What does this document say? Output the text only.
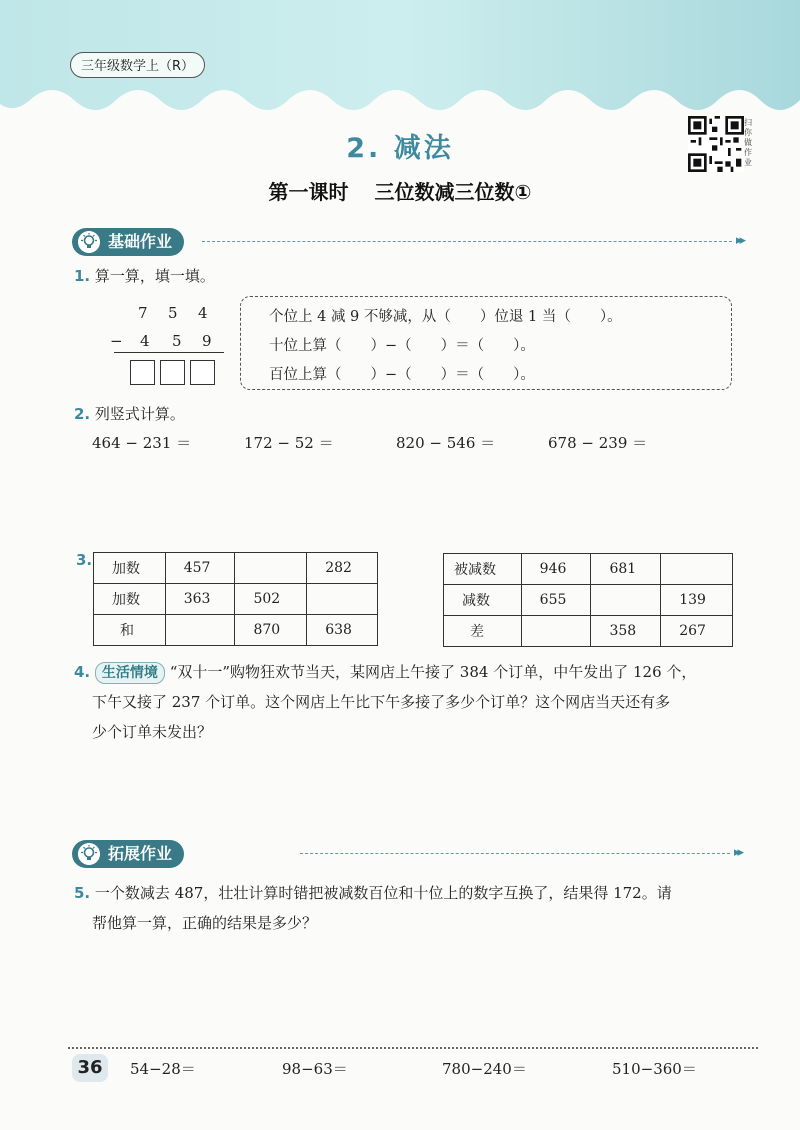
三年级数学上（R）
扫你做作业
2. 减法
第一课时 三位数减三位数①
基础作业	▸▸
1. 算一算，填一填。
7 5 4
− 4 5 9
个位上 4 减 9 不够减，从（　　）位退 1 当（　　）。
十位上算（　　）−（　　）＝（　　）。
百位上算（　　）−（　　）＝（　　）。
2. 列竖式计算。
464 − 231 ＝	172 − 52 ＝	820 − 546 ＝	678 − 239 ＝
3. 加数	457		282
加数	363	502	
和		870	638
被减数	946	681	
减数	655		139
差		358	267
4. 生活情境 “双十一”购物狂欢节当天，某网店上午接了 384 个订单，中午发出了 126 个，
下午又接了 237 个订单。这个网店上午比下午多接了多少个订单？这个网店当天还有多
少个订单未发出？
拓展作业	▸▸
5. 一个数减去 487，壮壮计算时错把被减数百位和十位上的数字互换了，结果得 172。请
帮他算一算，正确的结果是多少？
36	54−28＝	98−63＝	780−240＝	510−360＝
